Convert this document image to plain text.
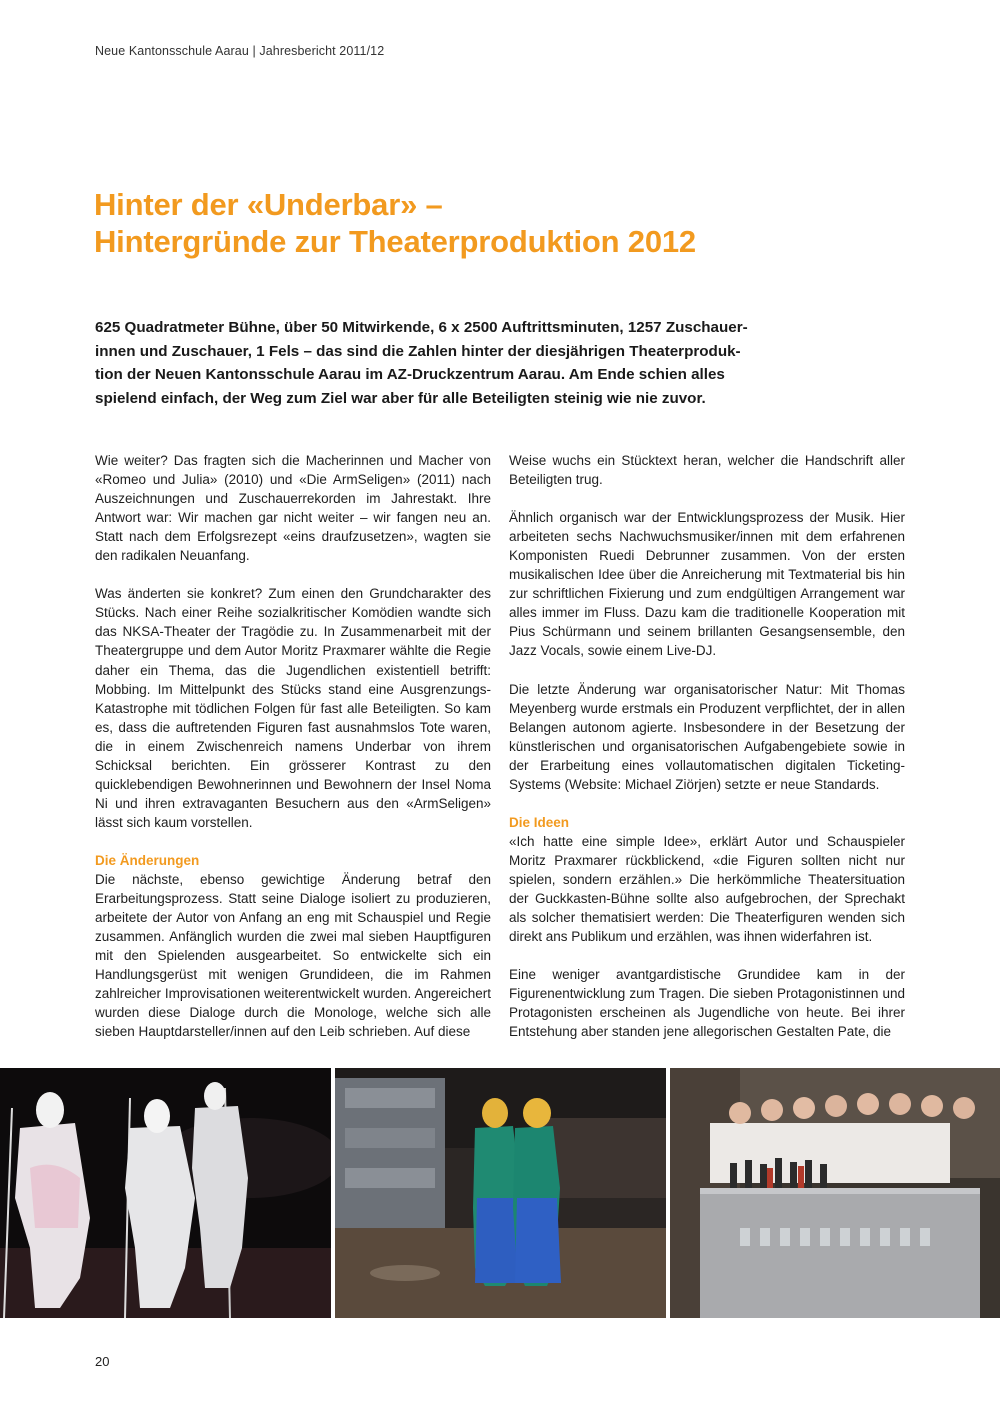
Neue Kantonsschule Aarau | Jahresbericht 2011/12
Hinter der «Underbar» –
Hintergründe zur Theaterproduktion 2012

625 Quadratmeter Bühne, über 50 Mitwirkende, 6 x 2500 Auftrittsminuten, 1257 Zuschauer-
innen und Zuschauer, 1 Fels – das sind die Zahlen hinter der diesjährigen Theaterproduk-
tion der Neuen Kantonsschule Aarau im AZ-Druckzentrum Aarau. Am Ende schien alles
spielend einfach, der Weg zum Ziel war aber für alle Beteiligten steinig wie nie zuvor.

Wie weiter? Das fragten sich die Macherinnen und Macher von «Romeo und Julia» (2010) und «Die ArmSeligen» (2011) nach Auszeichnungen und Zuschauerrekorden im Jahrestakt. Ihre Antwort war: Wir machen gar nicht weiter – wir fangen neu an. Statt nach dem Erfolgsrezept «eins draufzusetzen», wagten sie den radikalen Neuanfang.

Was änderten sie konkret? Zum einen den Grundcharakter des Stücks. Nach einer Reihe sozialkritischer Komödien wandte sich das NKSA-Theater der Tragödie zu. In Zusammenarbeit mit der Theatergruppe und dem Autor Moritz Praxmarer wählte die Regie daher ein Thema, das die Jugendlichen existentiell betrifft: Mobbing. Im Mittelpunkt des Stücks stand eine Ausgrenzungs-Katastrophe mit tödlichen Folgen für fast alle Beteiligten. So kam es, dass die auftretenden Figuren fast ausnahmslos Tote waren, die in einem Zwischenreich namens Underbar von ihrem Schicksal berichten. Ein grösserer Kontrast zu den quicklebendigen Bewohnerinnen und Bewohnern der Insel Noma Ni und ihren extravaganten Besuchern aus den «ArmSeligen» lässt sich kaum vorstellen.

Die Änderungen

Die nächste, ebenso gewichtige Änderung betraf den Erarbeitungsprozess. Statt seine Dialoge isoliert zu produzieren, arbeitete der Autor von Anfang an eng mit Schauspiel und Regie zusammen. Anfänglich wurden die zwei mal sieben Hauptfiguren mit den Spielenden ausgearbeitet. So entwickelte sich ein Handlungsgerüst mit wenigen Grundideen, die im Rahmen zahlreicher Improvisationen weiterentwickelt wurden. Angereichert wurden diese Dialoge durch die Monologe, welche sich alle sieben Hauptdarsteller/innen auf den Leib schrieben. Auf diese

Weise wuchs ein Stücktext heran, welcher die Handschrift aller Beteiligten trug.

Ähnlich organisch war der Entwicklungsprozess der Musik. Hier arbeiteten sechs Nachwuchsmusiker/innen mit dem erfahrenen Komponisten Ruedi Debrunner zusammen. Von der ersten musikalischen Idee über die Anreicherung mit Textmaterial bis hin zur schriftlichen Fixierung und zum endgültigen Arrangement war alles immer im Fluss. Dazu kam die traditionelle Kooperation mit Pius Schürmann und seinem brillanten Gesangsensemble, den Jazz Vocals, sowie einem Live-DJ.

Die letzte Änderung war organisatorischer Natur: Mit Thomas Meyenberg wurde erstmals ein Produzent verpflichtet, der in allen Belangen autonom agierte. Insbesondere in der Besetzung der künstlerischen und organisatorischen Aufgabengebiete sowie in der Erarbeitung eines vollautomatischen digitalen Ticketing-Systems (Website: Michael Ziörjen) setzte er neue Standards.

Die Ideen

«Ich hatte eine simple Idee», erklärt Autor und Schauspieler Moritz Praxmarer rückblickend, «die Figuren sollten nicht nur spielen, sondern erzählen.» Die herkömmliche Theatersituation der Guckkasten-Bühne sollte also aufgebrochen, der Sprechakt als solcher thematisiert werden: Die Theaterfiguren wenden sich direkt ans Publikum und erzählen, was ihnen widerfahren ist.

Eine weniger avantgardistische Grundidee kam in der Figurenentwicklung zum Tragen. Die sieben Protagonistinnen und Protagonisten erscheinen als Jugendliche von heute. Bei ihrer Entstehung aber standen jene allegorischen Gestalten Pate, die

20
